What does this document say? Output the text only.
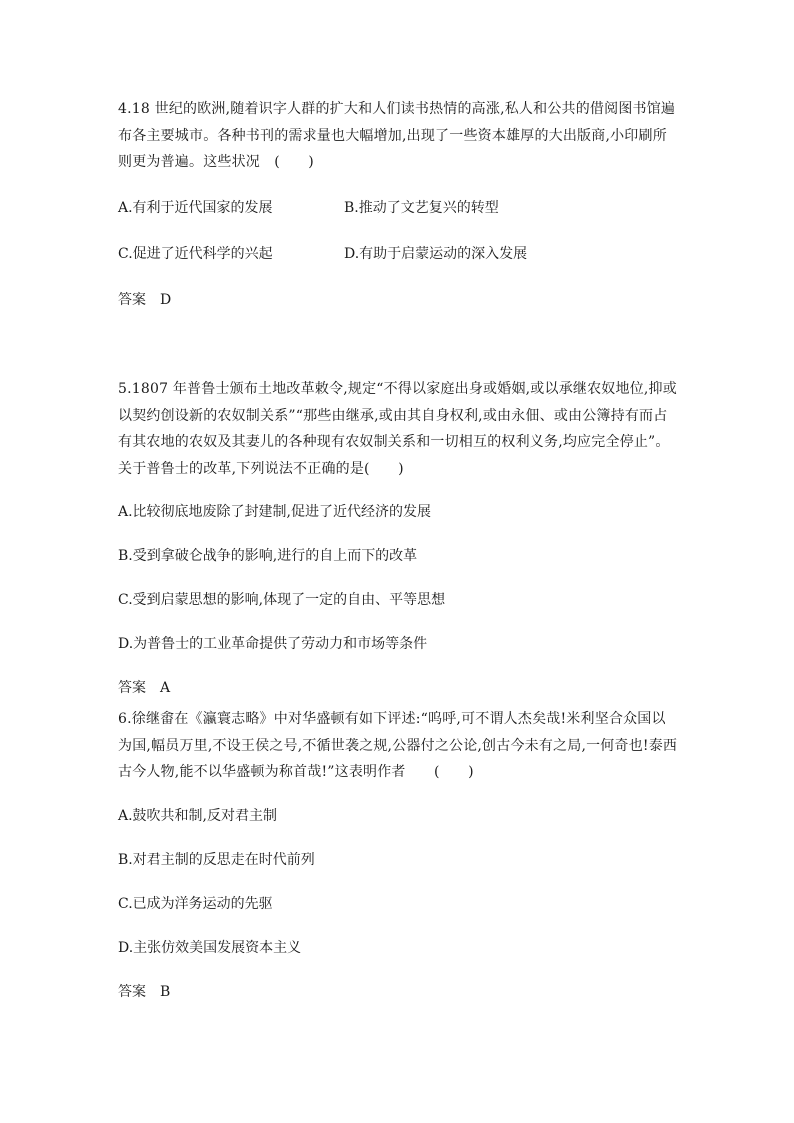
4.18 世纪的欧洲,随着识字人群的扩大和人们读书热情的高涨,私人和公共的借阅图书馆遍布各主要城市。各种书刊的需求量也大幅增加,出现了一些资本雄厚的大出版商,小印刷所则更为普遍。这些状况　(　　)

A.有利于近代国家的发展	B.推动了文艺复兴的转型
C.促进了近代科学的兴起	D.有助于启蒙运动的深入发展
答案　D

5.1807 年普鲁士颁布土地改革敕令,规定“不得以家庭出身或婚姻,或以承继农奴地位,抑或以契约创设新的农奴制关系”“那些由继承,或由其自身权利,或由永佃、或由公簿持有而占有其农地的农奴及其妻儿的各种现有农奴制关系和一切相互的权利义务,均应完全停止”。关于普鲁士的改革,下列说法不正确的是(　　)

A.比较彻底地废除了封建制,促进了近代经济的发展
B.受到拿破仑战争的影响,进行的自上而下的改革
C.受到启蒙思想的影响,体现了一定的自由、平等思想
D.为普鲁士的工业革命提供了劳动力和市场等条件
答案　A

6.徐继畬在《瀛寰志略》中对华盛顿有如下评述:“呜呼,可不谓人杰矣哉!米利坚合众国以为国,幅员万里,不设王侯之号,不循世袭之规,公器付之公论,创古今未有之局,一何奇也!泰西古今人物,能不以华盛顿为称首哉!”这表明作者　　(　　)

A.鼓吹共和制,反对君主制
B.对君主制的反思走在时代前列
C.已成为洋务运动的先驱
D.主张仿效美国发展资本主义
答案　B
